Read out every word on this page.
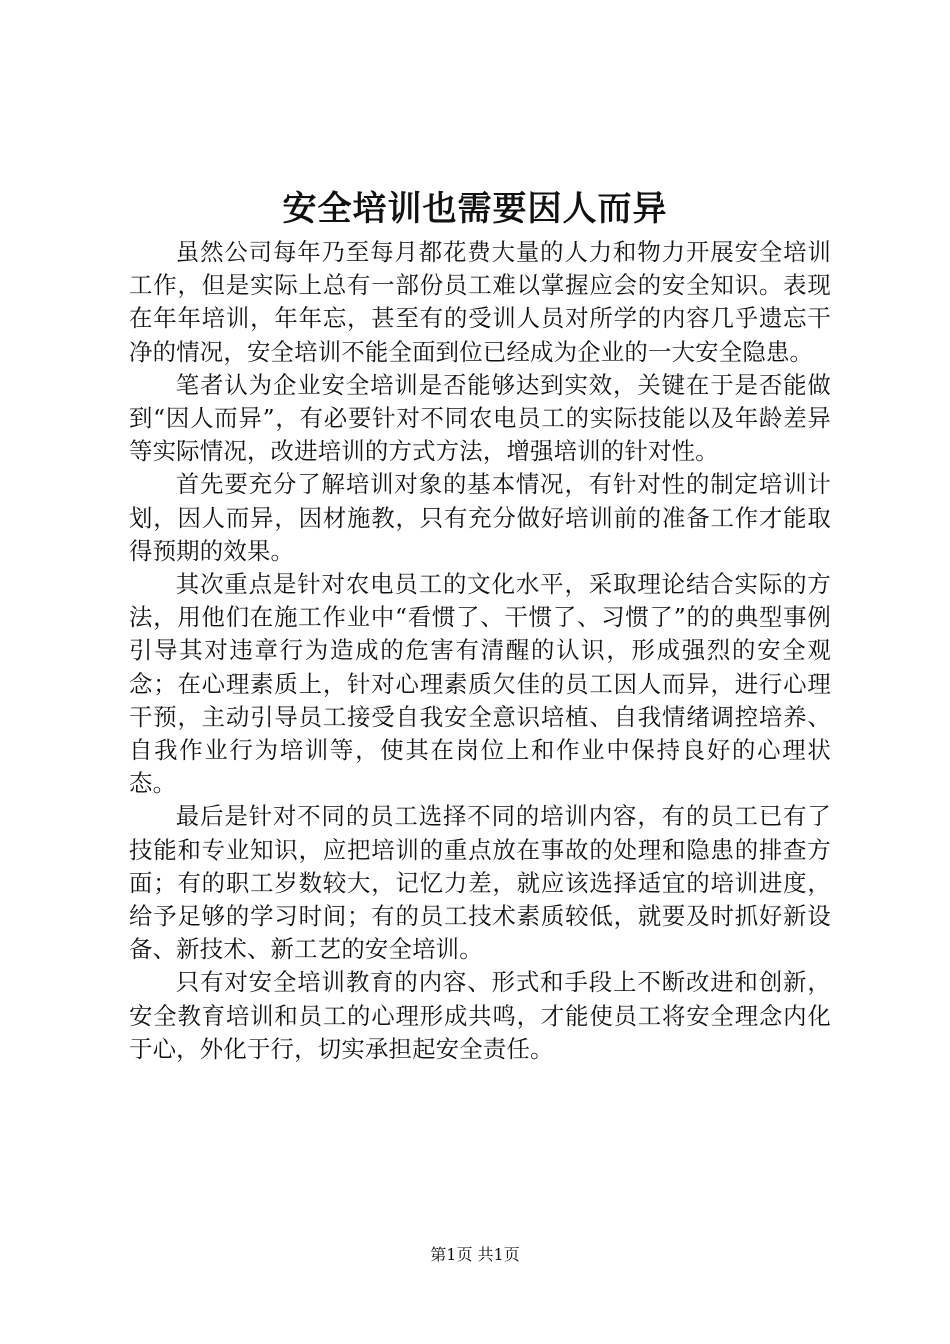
安全培训也需要因人而异

虽然公司每年乃至每月都花费大量的人力和物力开展安全培训工作，但是实际上总有一部份员工难以掌握应会的安全知识。表现在年年培训，年年忘，甚至有的受训人员对所学的内容几乎遗忘干净的情况，安全培训不能全面到位已经成为企业的一大安全隐患。

笔者认为企业安全培训是否能够达到实效，关键在于是否能做到“因人而异”，有必要针对不同农电员工的实际技能以及年龄差异等实际情况，改进培训的方式方法，增强培训的针对性。

首先要充分了解培训对象的基本情况，有针对性的制定培训计划，因人而异，因材施教，只有充分做好培训前的准备工作才能取得预期的效果。

其次重点是针对农电员工的文化水平，采取理论结合实际的方法，用他们在施工作业中“看惯了、干惯了、习惯了”的的典型事例引导其对违章行为造成的危害有清醒的认识，形成强烈的安全观念；在心理素质上，针对心理素质欠佳的员工因人而异，进行心理干预，主动引导员工接受自我安全意识培植、自我情绪调控培养、自我作业行为培训等，使其在岗位上和作业中保持良好的心理状态。

最后是针对不同的员工选择不同的培训内容，有的员工已有了技能和专业知识，应把培训的重点放在事故的处理和隐患的排查方面；有的职工岁数较大，记忆力差，就应该选择适宜的培训进度，给予足够的学习时间；有的员工技术素质较低，就要及时抓好新设备、新技术、新工艺的安全培训。

只有对安全培训教育的内容、形式和手段上不断改进和创新，安全教育培训和员工的心理形成共鸣，才能使员工将安全理念内化于心，外化于行，切实承担起安全责任。

第1页 共1页
